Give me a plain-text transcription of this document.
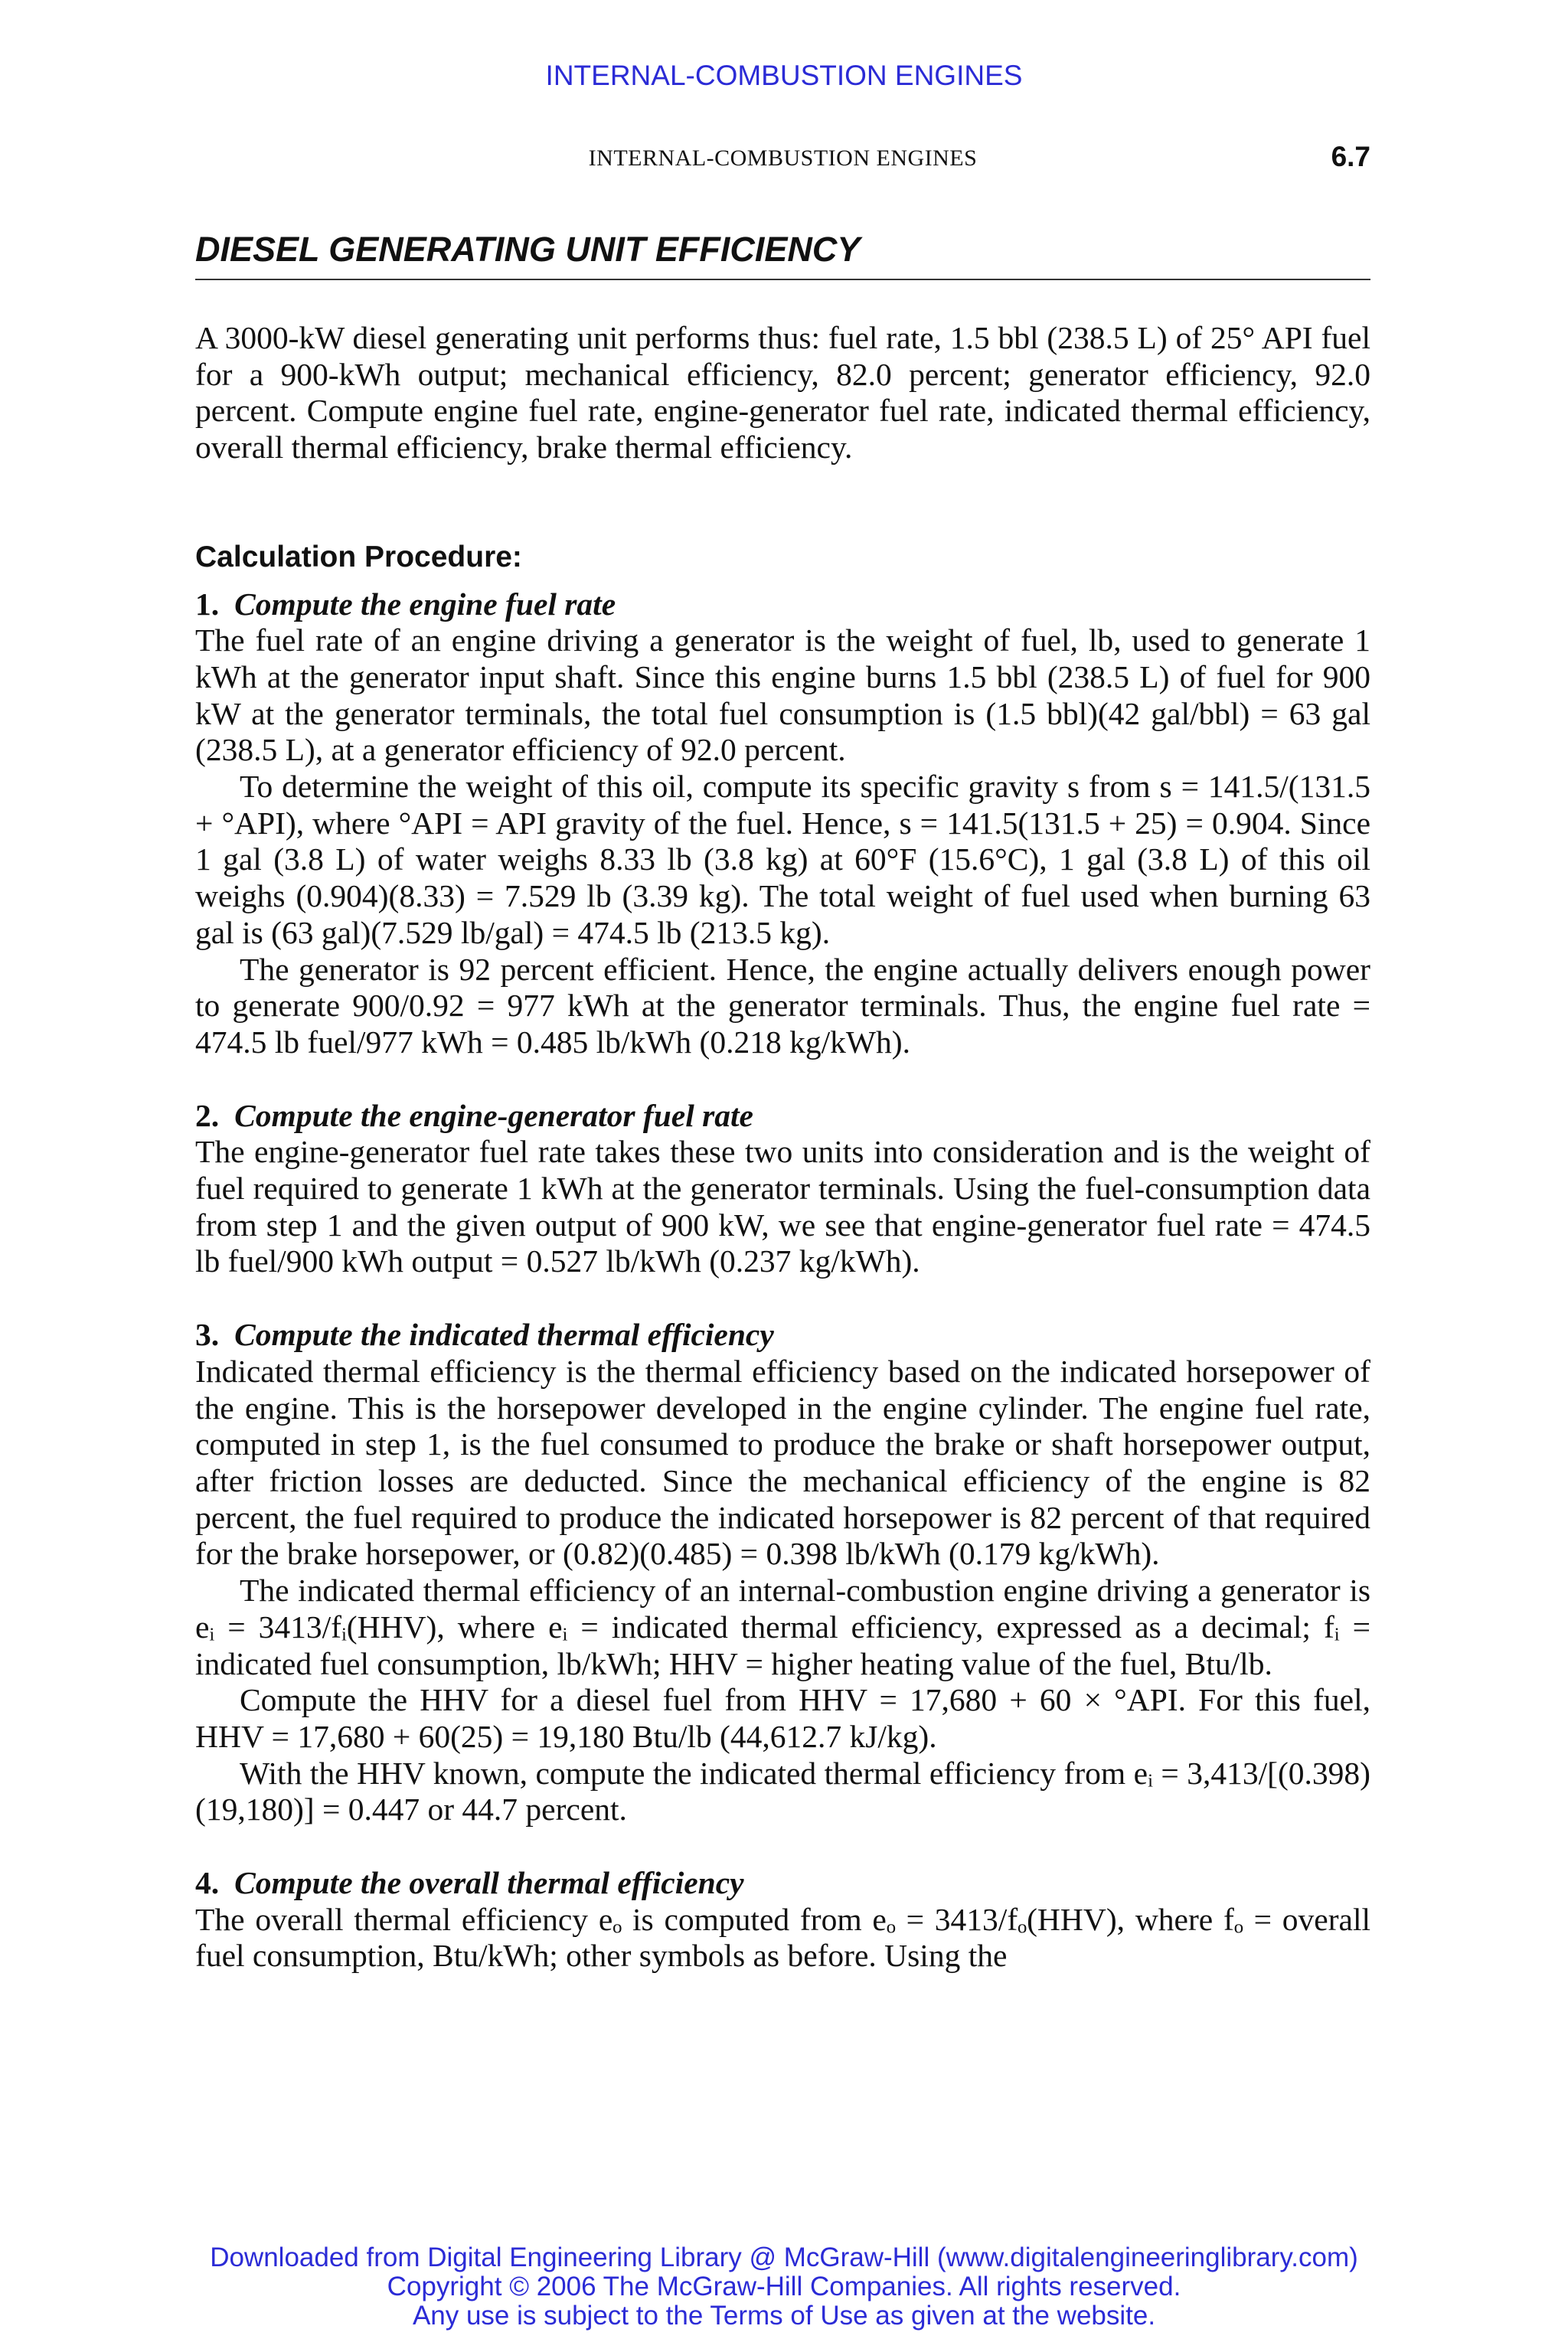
INTERNAL-COMBUSTION ENGINES
INTERNAL-COMBUSTION ENGINES	6.7
DIESEL GENERATING UNIT EFFICIENCY

A 3000-kW diesel generating unit performs thus: fuel rate, 1.5 bbl (238.5 L) of 25° API fuel for a 900-kWh output; mechanical efficiency, 82.0 percent; generator efficiency, 92.0 percent. Compute engine fuel rate, engine-generator fuel rate, indicated thermal efficiency, overall thermal efficiency, brake thermal efficiency.

Calculation Procedure:
1. Compute the engine fuel rate

The fuel rate of an engine driving a generator is the weight of fuel, lb, used to generate 1 kWh at the generator input shaft. Since this engine burns 1.5 bbl (238.5 L) of fuel for 900 kW at the generator terminals, the total fuel consumption is (1.5 bbl)(42 gal/bbl) = 63 gal (238.5 L), at a generator efficiency of 92.0 percent.

To determine the weight of this oil, compute its specific gravity s from s = 141.5/(131.5 + °API), where °API = API gravity of the fuel. Hence, s = 141.5(131.5 + 25) = 0.904. Since 1 gal (3.8 L) of water weighs 8.33 lb (3.8 kg) at 60°F (15.6°C), 1 gal (3.8 L) of this oil weighs (0.904)(8.33) = 7.529 lb (3.39 kg). The total weight of fuel used when burning 63 gal is (63 gal)(7.529 lb/gal) = 474.5 lb (213.5 kg).

The generator is 92 percent efficient. Hence, the engine actually delivers enough power to generate 900/0.92 = 977 kWh at the generator terminals. Thus, the engine fuel rate = 474.5 lb fuel/977 kWh = 0.485 lb/kWh (0.218 kg/kWh).

2. Compute the engine-generator fuel rate

The engine-generator fuel rate takes these two units into consideration and is the weight of fuel required to generate 1 kWh at the generator terminals. Using the fuel-consumption data from step 1 and the given output of 900 kW, we see that engine-generator fuel rate = 474.5 lb fuel/900 kWh output = 0.527 lb/kWh (0.237 kg/kWh).

3. Compute the indicated thermal efficiency

Indicated thermal efficiency is the thermal efficiency based on the indicated horsepower of the engine. This is the horsepower developed in the engine cylinder. The engine fuel rate, computed in step 1, is the fuel consumed to produce the brake or shaft horsepower output, after friction losses are deducted. Since the mechanical efficiency of the engine is 82 percent, the fuel required to produce the indicated horsepower is 82 percent of that required for the brake horsepower, or (0.82)(0.485) = 0.398 lb/kWh (0.179 kg/kWh).

The indicated thermal efficiency of an internal-combustion engine driving a generator is eᵢ = 3413/fᵢ(HHV), where eᵢ = indicated thermal efficiency, expressed as a decimal; fᵢ = indicated fuel consumption, lb/kWh; HHV = higher heating value of the fuel, Btu/lb.

Compute the HHV for a diesel fuel from HHV = 17,680 + 60 × °API. For this fuel, HHV = 17,680 + 60(25) = 19,180 Btu/lb (44,612.7 kJ/kg).

With the HHV known, compute the indicated thermal efficiency from eᵢ = 3,413/[(0.398)(19,180)] = 0.447 or 44.7 percent.

4. Compute the overall thermal efficiency

The overall thermal efficiency eₒ is computed from eₒ = 3413/fₒ(HHV), where fₒ = overall fuel consumption, Btu/kWh; other symbols as before. Using the

Downloaded from Digital Engineering Library @ McGraw-Hill (www.digitalengineeringlibrary.com)
Copyright © 2006 The McGraw-Hill Companies. All rights reserved.
Any use is subject to the Terms of Use as given at the website.
